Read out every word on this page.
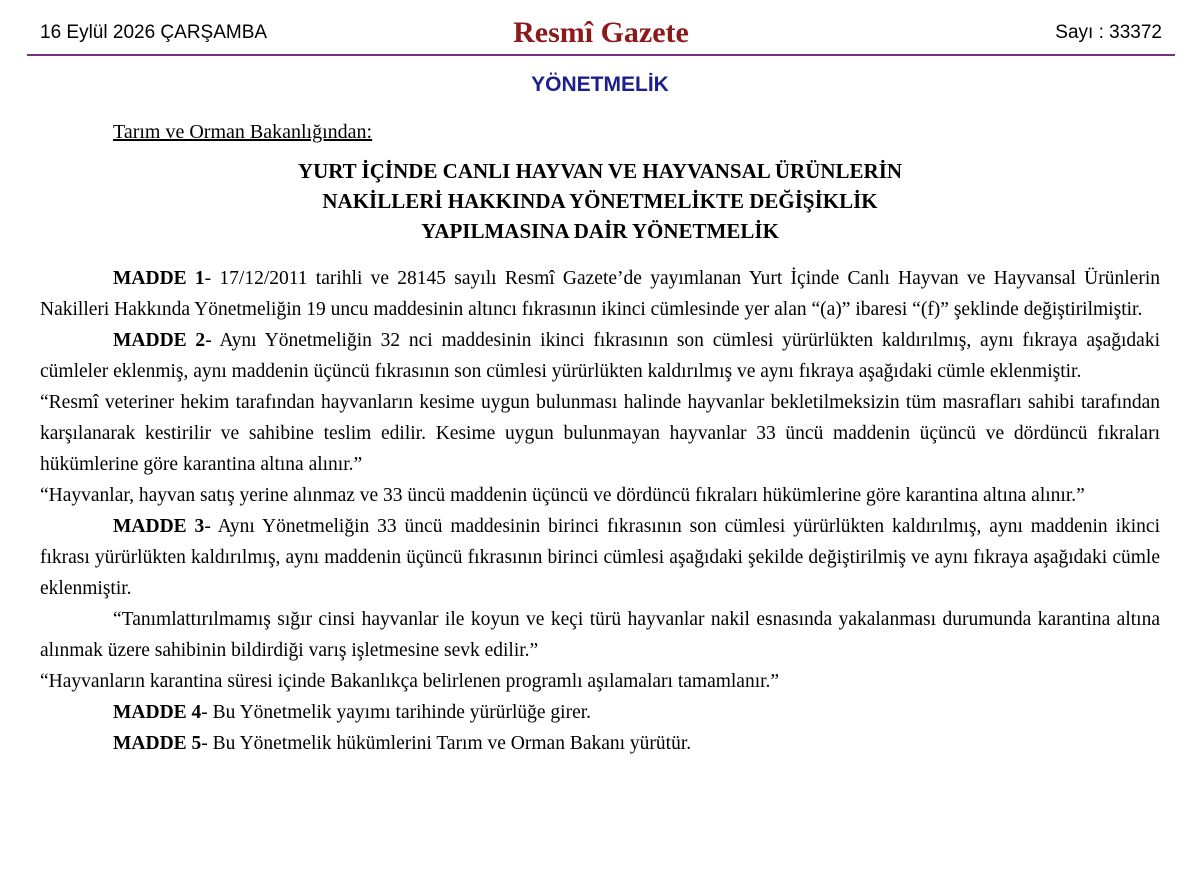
16 Eylül 2026 ÇARŞAMBA	Resmî Gazete	Sayı : 33372
YÖNETMELİK
Tarım ve Orman Bakanlığından:
YURT İÇİNDE CANLI HAYVAN VE HAYVANSAL ÜRÜNLERİN
NAKİLLERİ HAKKINDA YÖNETMELİKTE DEĞİŞİKLİK
YAPILMASINA DAİR YÖNETMELİK

MADDE 1- 17/12/2011 tarihli ve 28145 sayılı Resmî Gazete’de yayımlanan Yurt İçinde Canlı Hayvan ve Hayvansal Ürünlerin Nakilleri Hakkında Yönetmeliğin 19 uncu maddesinin altıncı fıkrasının ikinci cümlesinde yer alan “(a)” ibaresi “(f)” şeklinde değiştirilmiştir.

MADDE 2- Aynı Yönetmeliğin 32 nci maddesinin ikinci fıkrasının son cümlesi yürürlükten kaldırılmış, aynı fıkraya aşağıdaki cümleler eklenmiş, aynı maddenin üçüncü fıkrasının son cümlesi yürürlükten kaldırılmış ve aynı fıkraya aşağıdaki cümle eklenmiştir.

“Resmî veteriner hekim tarafından hayvanların kesime uygun bulunması halinde hayvanlar bekletilmeksizin tüm masrafları sahibi tarafından karşılanarak kestirilir ve sahibine teslim edilir. Kesime uygun bulunmayan hayvanlar 33 üncü maddenin üçüncü ve dördüncü fıkraları hükümlerine göre karantina altına alınır.”

“Hayvanlar, hayvan satış yerine alınmaz ve 33 üncü maddenin üçüncü ve dördüncü fıkraları hükümlerine göre karantina altına alınır.”

MADDE 3- Aynı Yönetmeliğin 33 üncü maddesinin birinci fıkrasının son cümlesi yürürlükten kaldırılmış, aynı maddenin ikinci fıkrası yürürlükten kaldırılmış, aynı maddenin üçüncü fıkrasının birinci cümlesi aşağıdaki şekilde değiştirilmiş ve aynı fıkraya aşağıdaki cümle eklenmiştir.

“Tanımlattırılmamış sığır cinsi hayvanlar ile koyun ve keçi türü hayvanlar nakil esnasında yakalanması durumunda karantina altına alınmak üzere sahibinin bildirdiği varış işletmesine sevk edilir.”

“Hayvanların karantina süresi içinde Bakanlıkça belirlenen programlı aşılamaları tamamlanır.”

MADDE 4- Bu Yönetmelik yayımı tarihinde yürürlüğe girer.

MADDE 5- Bu Yönetmelik hükümlerini Tarım ve Orman Bakanı yürütür.
